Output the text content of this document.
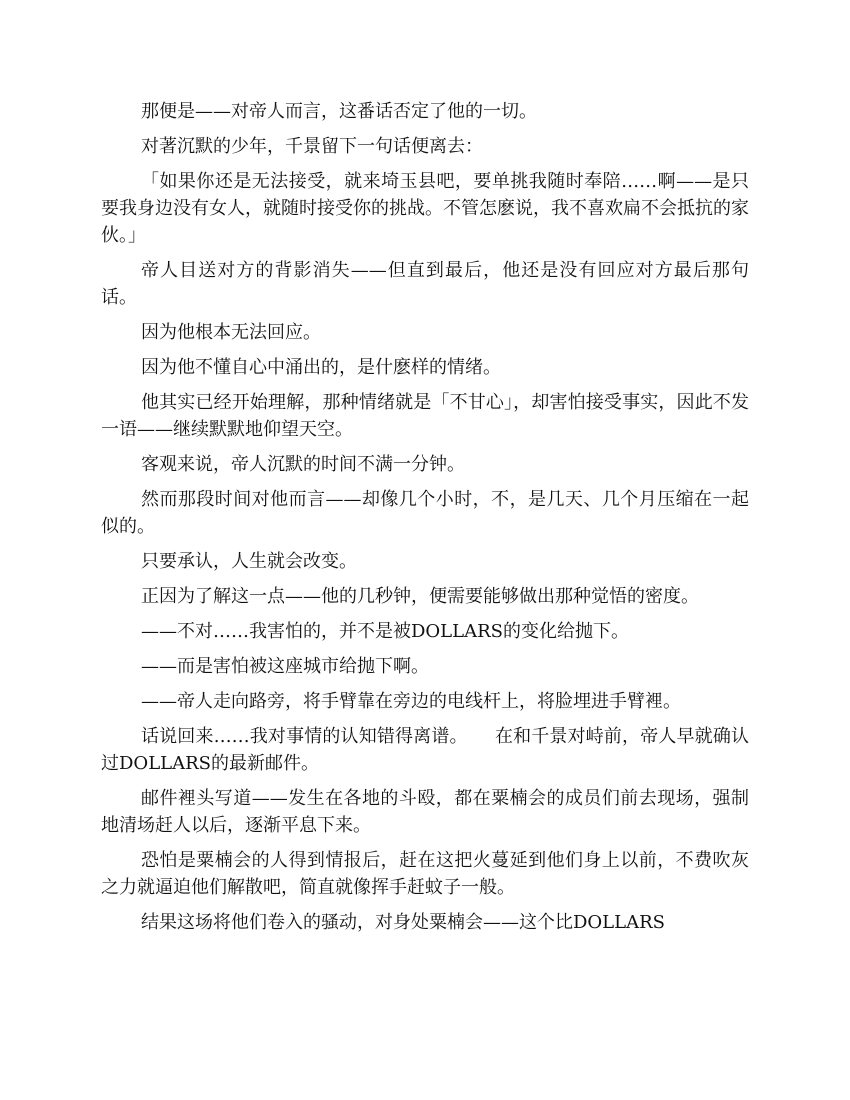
那便是——对帝人而言，这番话否定了他的一切。

对著沉默的少年，千景留下一句话便离去：

「如果你还是无法接受，就来埼玉县吧，要单挑我随时奉陪……啊——是只要我身边没有女人，就随时接受你的挑战。不管怎麽说，我不喜欢扁不会抵抗的家伙。」

帝人目送对方的背影消失——但直到最后，他还是没有回应对方最后那句话。

因为他根本无法回应。

因为他不懂自心中涌出的，是什麽样的情绪。

他其实已经开始理解，那种情绪就是「不甘心」，却害怕接受事实，因此不发一语——继续默默地仰望天空。

客观来说，帝人沉默的时间不满一分钟。

然而那段时间对他而言——却像几个小时，不，是几天、几个月压缩在一起似的。

只要承认，人生就会改变。

正因为了解这一点——他的几秒钟，便需要能够做出那种觉悟的密度。

——不对……我害怕的，并不是被DOLLARS的变化给抛下。

——而是害怕被这座城市给抛下啊。

——帝人走向路旁，将手臂靠在旁边的电线杆上，将脸埋进手臂裡。

话说回来……我对事情的认知错得离谱。　　在和千景对峙前，帝人早就确认过DOLLARS的最新邮件。

邮件裡头写道——发生在各地的斗殴，都在粟楠会的成员们前去现场，强制地清场赶人以后，逐渐平息下来。

恐怕是粟楠会的人得到情报后，赶在这把火蔓延到他们身上以前，不费吹灰之力就逼迫他们解散吧，简直就像挥手赶蚊子一般。

结果这场将他们卷入的骚动，对身处粟楠会——这个比DOLLARS
